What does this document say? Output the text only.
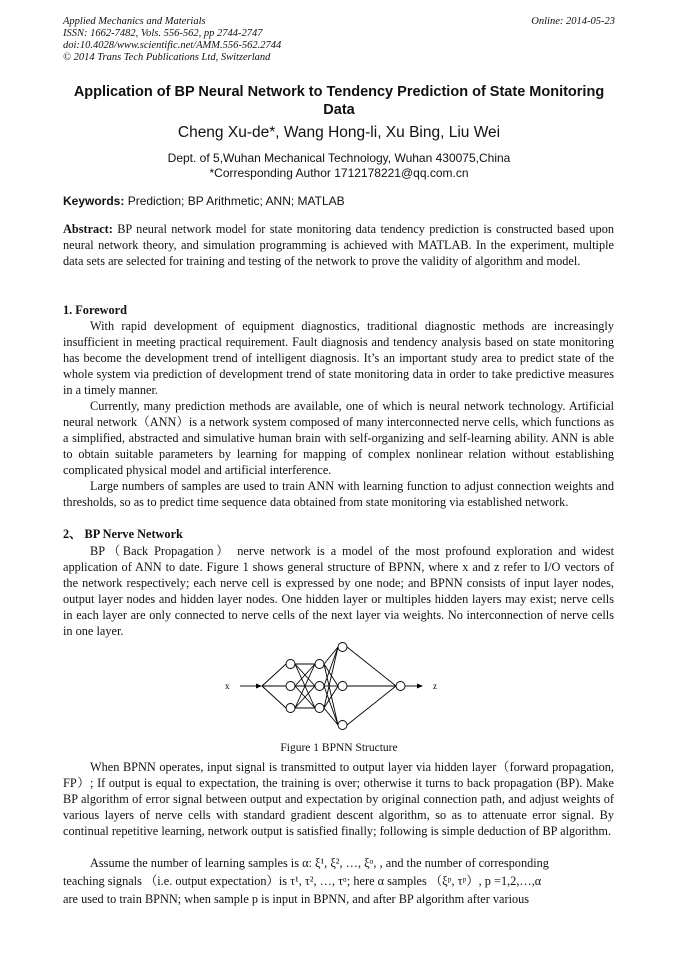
Applied Mechanics and Materials
ISSN: 1662-7482, Vols. 556-562, pp 2744-2747
doi:10.4028/www.scientific.net/AMM.556-562.2744
© 2014 Trans Tech Publications Ltd, Switzerland
Online: 2014-05-23
Application of BP Neural Network to Tendency Prediction of State Monitoring Data
Cheng Xu-de*, Wang Hong-li, Xu Bing, Liu Wei
Dept. of 5,Wuhan Mechanical Technology, Wuhan 430075,China
*Corresponding Author 1712178221@qq.com.cn
Keywords: Prediction; BP Arithmetic; ANN; MATLAB
Abstract: BP neural network model for state monitoring data tendency prediction is constructed based upon neural network theory, and simulation programming is achieved with MATLAB. In the experiment, multiple data sets are selected for training and testing of the network to prove the validity of algorithm and model.
1. Foreword
With rapid development of equipment diagnostics, traditional diagnostic methods are increasingly insufficient in meeting practical requirement. Fault diagnosis and tendency analysis based on state monitoring has become the development trend of intelligent diagnosis. It’s an important study area to predict state of the whole system via prediction of development trend of state monitoring data in order to take predictive measures in a timely manner.
Currently, many prediction methods are available, one of which is neural network technology. Artificial neural network（ANN）is a network system composed of many interconnected nerve cells, which functions as a simplified, abstracted and simulative human brain with self-organizing and self-learning ability. ANN is able to obtain suitable parameters by learning for mapping of complex nonlinear relation without establishing complicated physical model and artificial interference.
Large numbers of samples are used to train ANN with learning function to adjust connection weights and thresholds, so as to predict time sequence data obtained from state monitoring via established network.
2、 BP Nerve Network
BP（Back Propagation） nerve network is a model of the most profound exploration and widest application of ANN to date. Figure 1 shows general structure of BPNN, where x and z refer to I/O vectors of the network respectively; each nerve cell is expressed by one node; and BPNN consists of input layer nodes, output layer nodes and hidden layer nodes. One hidden layer or multiples hidden layers may exist; nerve cells in each layer are only connected to nerve cells of the next layer via weights. No interconnection of nerve cells in one layer.
x	z
Figure 1 BPNN Structure
When BPNN operates, input signal is transmitted to output layer via hidden layer（forward propagation, FP）; If output is equal to expectation, the training is over; otherwise it turns to back propagation (BP). Make BP algorithm of error signal between output and expectation by original connection path, and adjust weights of various layers of nerve cells with standard gradient descent algorithm, so as to attenuate error signal. By continual repetitive learning, network output is satisfied finally; following is simple deduction of BP algorithm.
Assume the number of learning samples is α: ξ¹, ξ², …, ξᵅ, , and the number of corresponding
teaching signals （i.e. output expectation）is τ¹, τ², …, τᵅ; here α samples （ξᵖ, τᵖ）, p =1,2,…,α
are used to train BPNN; when sample p is input in BPNN, and after BP algorithm after various
